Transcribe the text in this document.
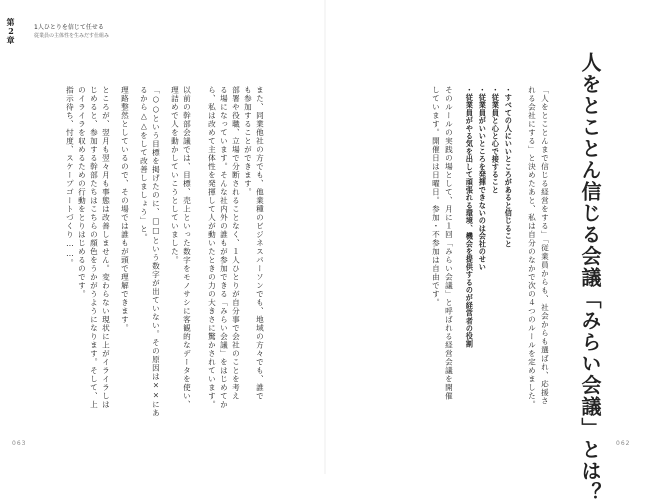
第2章	1人ひとりを信じて任せる
従業員の主体性を生みだす仕組み
また、同業他社の方でも、他業種のビジネスパーソンでも、地域の方々でも、誰で
も参加することができます。
部署や役職、立場で分断されることなく、１人ひとりが自分事で会社のことを考え
る場になっています。そんな社内外の誰もが参加できる「みらい会議」をはじめてか
ら、私は改めて主体性を発揮して人が動いたときの力の大きさに驚かされています。
以前の幹部会議では、目標、売上といった数字をモノサシに客観的なデータを使い、
理詰めで人を動かしていこうとしていました。
「○○という目標を掲げたのに、□□という数字が出ていない。その原因は××にあ
るから△△をして改善しましょう」と。
理路整然としているので、その場では誰もが頭で理解できます。
ところが、翌月も翌々月も事態は改善しません。変わらない現状に上がイライラしは
じめると、参加する幹部たちはこちらの顔色をうかがうようになります。そして、上
のイライラを収めるための行動をとりはじめるのです。
指示待ち、忖度、スケープゴートづくり……。	人をとことん信じる会議「みらい会議」とは？
「人をとことんまで信じる経営をする」「従業員からも、社会からも選ばれ、応援さ
れる会社にする」と決めたあと、私は自分のなかで次の４つのルールを定めました。
・すべての人にいいところがあると信じること
・従業員と心と心で接すること
・従業員がいいところを発揮できないのは会社のせい
・従業員がやる気を出して頑張れる環境、機会を提供するのが経営者の役割
そのルールの実践の場として、月に１回「みらい会議」と呼ばれる経営会議を開催
しています。開催日は日曜日。参加・不参加は自由です。
063	062
